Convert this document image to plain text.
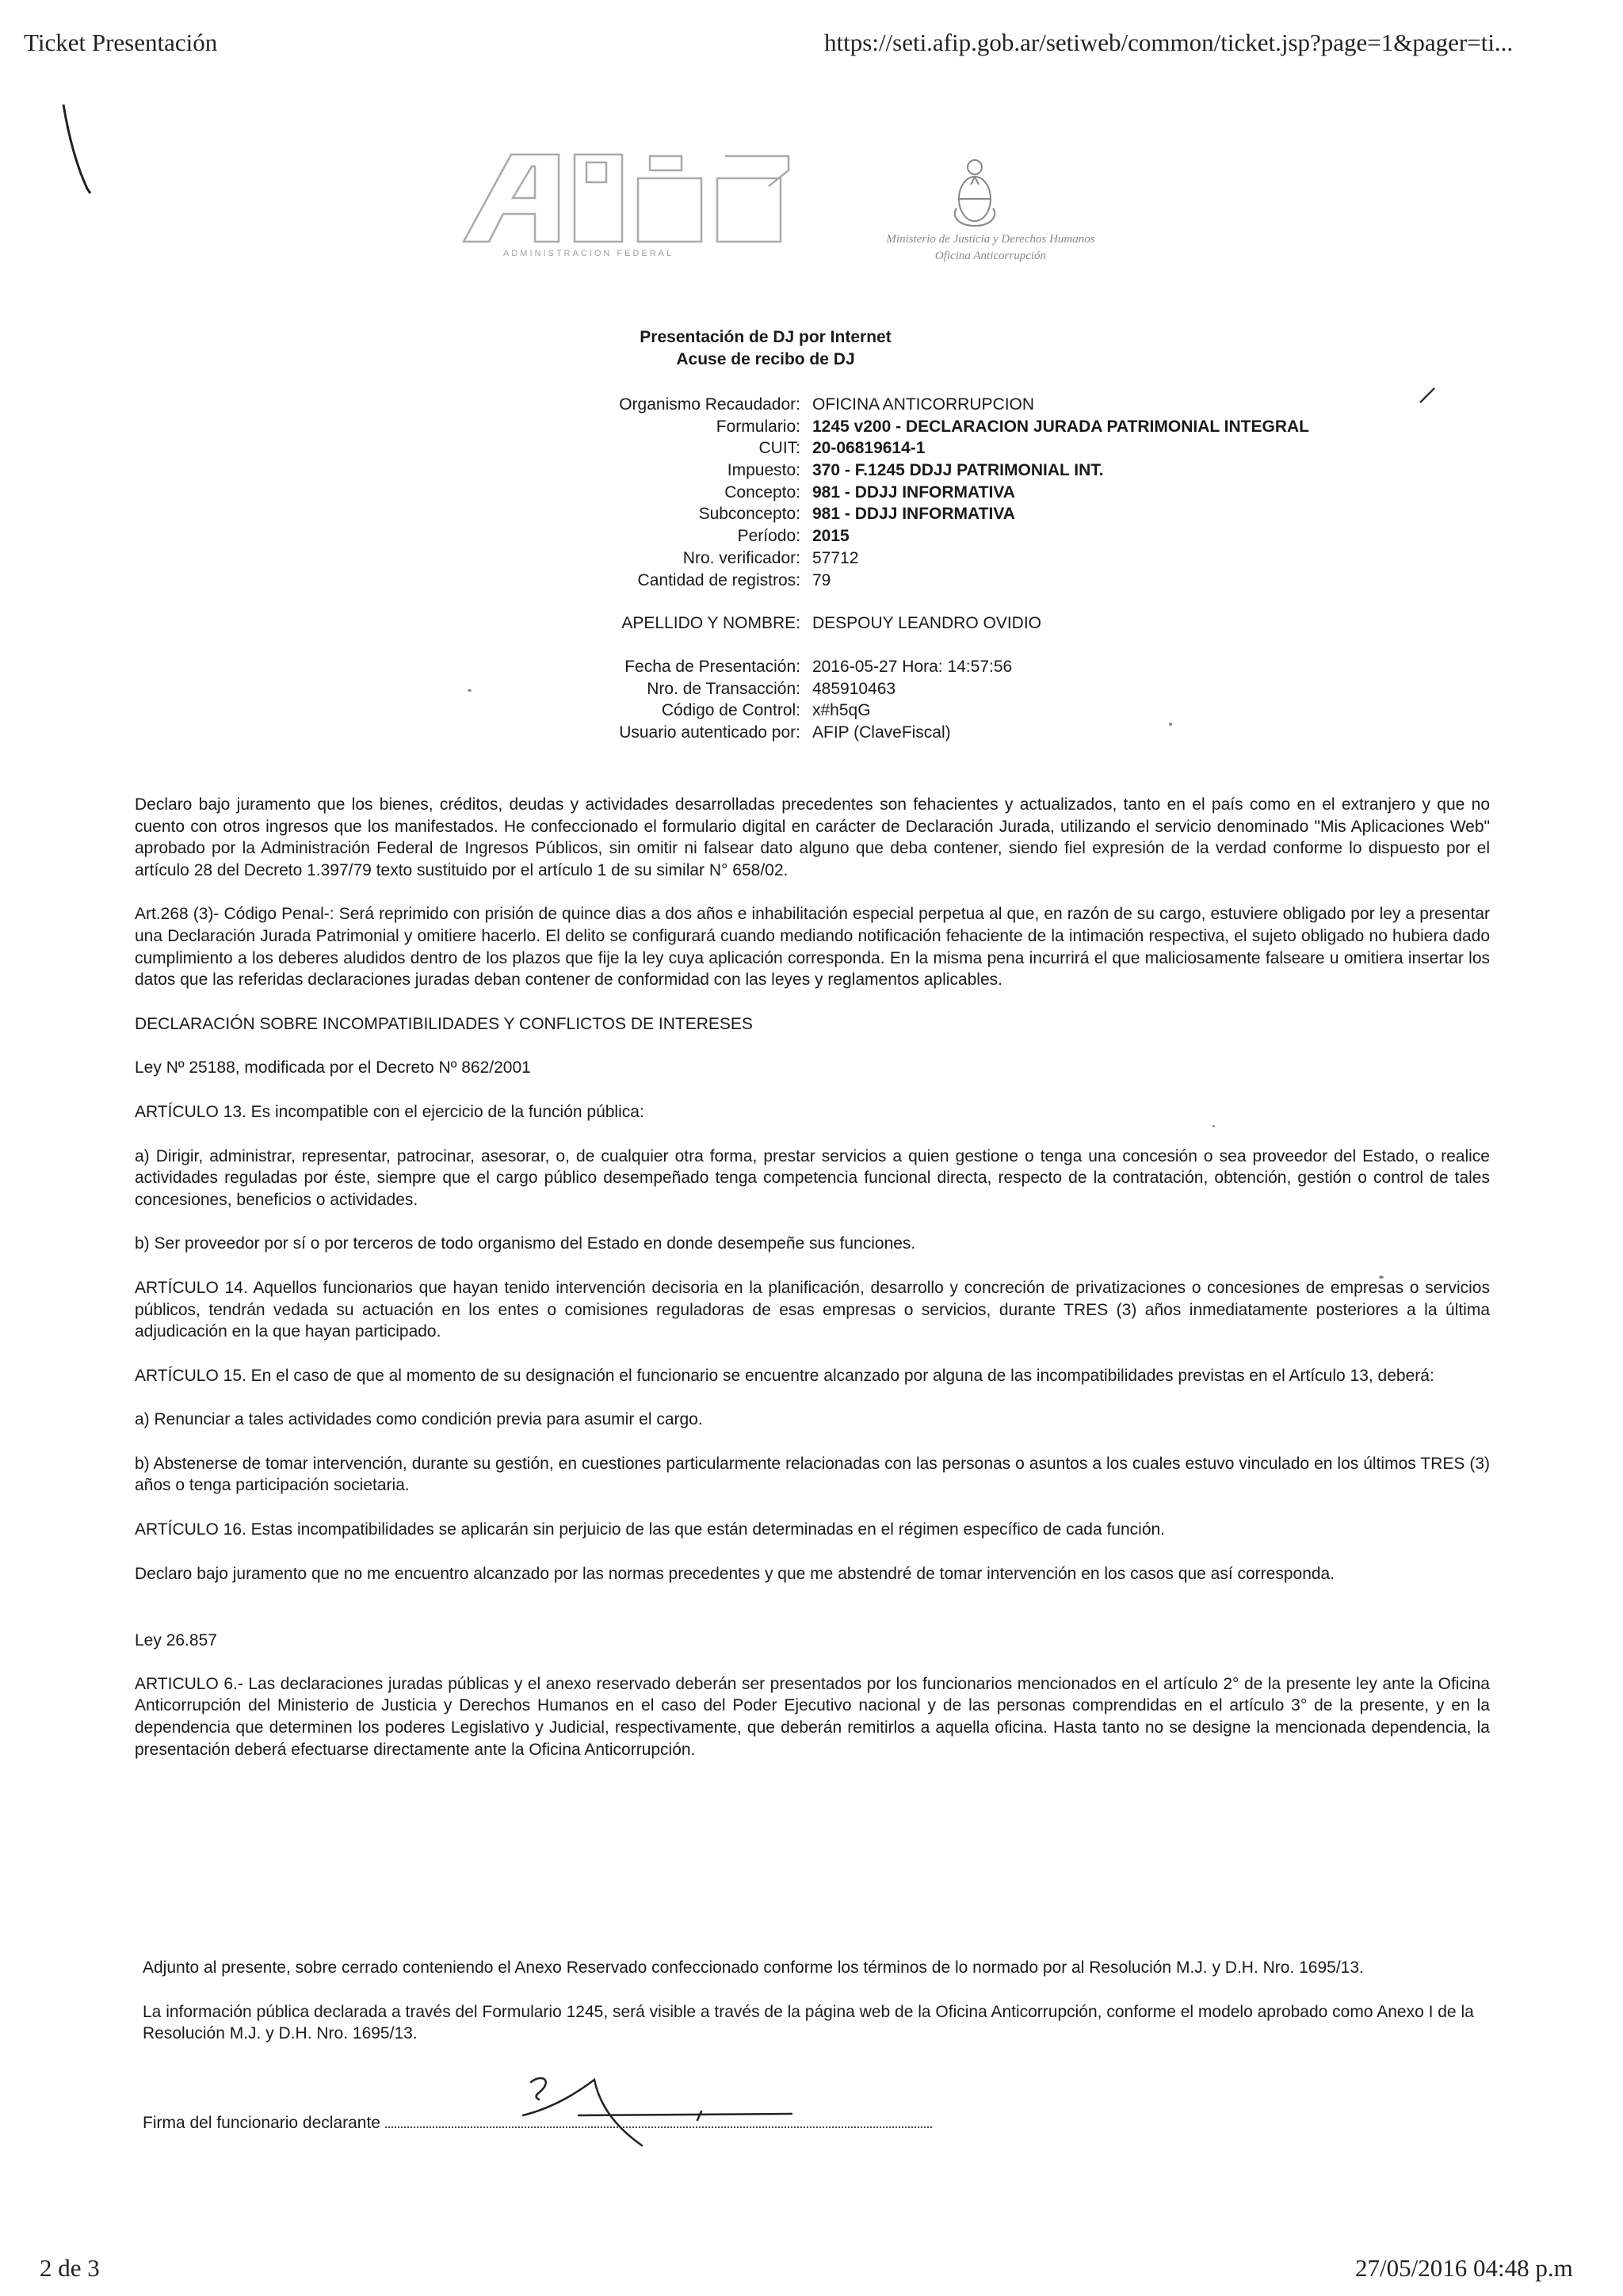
Ticket Presentación	https://seti.afip.gob.ar/setiweb/common/ticket.jsp?page=1&pager=ti...
ADMINISTRACION FEDERAL
Ministerio de Justicia y Derechos Humanos
Oficina Anticorrupción
Presentación de DJ por Internet
Acuse de recibo de DJ
Organismo Recaudador: OFICINA ANTICORRUPCION
Formulario: 1245 v200 - DECLARACION JURADA PATRIMONIAL INTEGRAL
CUIT: 20-06819614-1
Impuesto: 370 - F.1245 DDJJ PATRIMONIAL INT.
Concepto: 981 - DDJJ INFORMATIVA
Subconcepto: 981 - DDJJ INFORMATIVA
Período: 2015
Nro. verificador: 57712
Cantidad de registros: 79
APELLIDO Y NOMBRE: DESPOUY LEANDRO OVIDIO
Fecha de Presentación: 2016-05-27 Hora: 14:57:56
Nro. de Transacción: 485910463
Código de Control: x#h5qG
Usuario autenticado por: AFIP (ClaveFiscal)

Declaro bajo juramento que los bienes, créditos, deudas y actividades desarrolladas precedentes son fehacientes y actualizados, tanto en el país como en el extranjero y que no cuento con otros ingresos que los manifestados. He confeccionado el formulario digital en carácter de Declaración Jurada, utilizando el servicio denominado "Mis Aplicaciones Web" aprobado por la Administración Federal de Ingresos Públicos, sin omitir ni falsear dato alguno que deba contener, siendo fiel expresión de la verdad conforme lo dispuesto por el artículo 28 del Decreto 1.397/79 texto sustituido por el artículo 1 de su similar N° 658/02.

Art.268 (3)- Código Penal-: Será reprimido con prisión de quince dias a dos años e inhabilitación especial perpetua al que, en razón de su cargo, estuviere obligado por ley a presentar una Declaración Jurada Patrimonial y omitiere hacerlo. El delito se configurará cuando mediando notificación fehaciente de la intimación respectiva, el sujeto obligado no hubiera dado cumplimiento a los deberes aludidos dentro de los plazos que fije la ley cuya aplicación corresponda. En la misma pena incurrirá el que maliciosamente falseare u omitiera insertar los datos que las referidas declaraciones juradas deban contener de conformidad con las leyes y reglamentos aplicables.

DECLARACIÓN SOBRE INCOMPATIBILIDADES Y CONFLICTOS DE INTERESES

Ley Nº 25188, modificada por el Decreto Nº 862/2001

ARTÍCULO 13. Es incompatible con el ejercicio de la función pública:

a) Dirigir, administrar, representar, patrocinar, asesorar, o, de cualquier otra forma, prestar servicios a quien gestione o tenga una concesión o sea proveedor del Estado, o realice actividades reguladas por éste, siempre que el cargo público desempeñado tenga competencia funcional directa, respecto de la contratación, obtención, gestión o control de tales concesiones, beneficios o actividades.

b) Ser proveedor por sí o por terceros de todo organismo del Estado en donde desempeñe sus funciones.

ARTÍCULO 14. Aquellos funcionarios que hayan tenido intervención decisoria en la planificación, desarrollo y concreción de privatizaciones o concesiones de empresas o servicios públicos, tendrán vedada su actuación en los entes o comisiones reguladoras de esas empresas o servicios, durante TRES (3) años inmediatamente posteriores a la última adjudicación en la que hayan participado.

ARTÍCULO 15. En el caso de que al momento de su designación el funcionario se encuentre alcanzado por alguna de las incompatibilidades previstas en el Artículo 13, deberá:

a) Renunciar a tales actividades como condición previa para asumir el cargo.

b) Abstenerse de tomar intervención, durante su gestión, en cuestiones particularmente relacionadas con las personas o asuntos a los cuales estuvo vinculado en los últimos TRES (3) años o tenga participación societaria.

ARTÍCULO 16. Estas incompatibilidades se aplicarán sin perjuicio de las que están determinadas en el régimen específico de cada función.

Declaro bajo juramento que no me encuentro alcanzado por las normas precedentes y que me abstendré de tomar intervención en los casos que así corresponda.

Ley 26.857

ARTICULO 6.- Las declaraciones juradas públicas y el anexo reservado deberán ser presentados por los funcionarios mencionados en el artículo 2° de la presente ley ante la Oficina Anticorrupción del Ministerio de Justicia y Derechos Humanos en el caso del Poder Ejecutivo nacional y de las personas comprendidas en el artículo 3° de la presente, y en la dependencia que determinen los poderes Legislativo y Judicial, respectivamente, que deberán remitirlos a aquella oficina. Hasta tanto no se designe la mencionada dependencia, la presentación deberá efectuarse directamente ante la Oficina Anticorrupción.

Adjunto al presente, sobre cerrado conteniendo el Anexo Reservado confeccionado conforme los términos de lo normado por al Resolución M.J. y D.H. Nro. 1695/13.

La información pública declarada a través del Formulario 1245, será visible a través de la página web de la Oficina Anticorrupción, conforme el modelo aprobado como Anexo I de la Resolución M.J. y D.H. Nro. 1695/13.

Firma del funcionario declarante
2 de 3	27/05/2016 04:48 p.m
